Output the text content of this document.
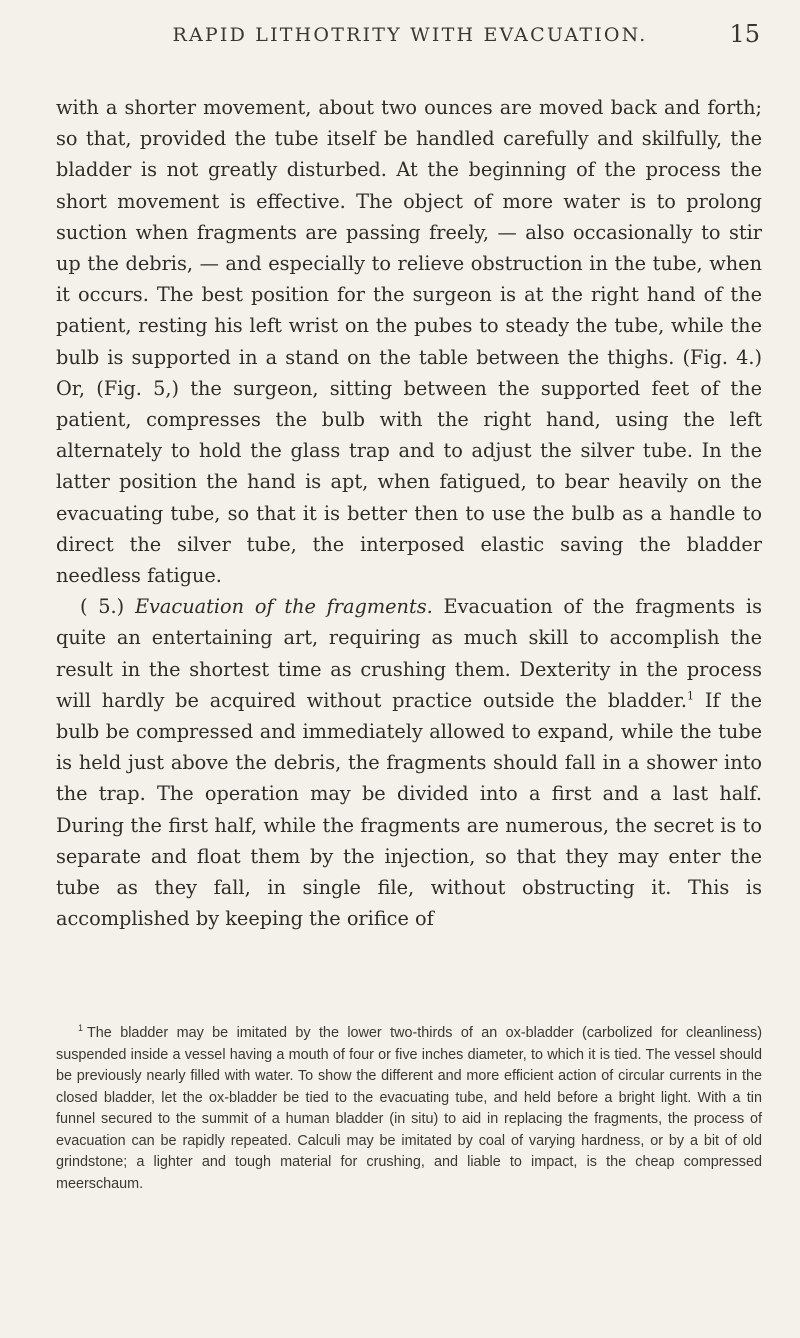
RAPID LITHOTRITY WITH EVACUATION.	15

with a shorter movement, about two ounces are moved back and forth; so that, provided the tube itself be handled carefully and skilfully, the bladder is not greatly disturbed. At the beginning of the process the short movement is effective. The object of more water is to prolong suction when fragments are passing freely, — also occasionally to stir up the debris, — and especially to relieve obstruction in the tube, when it occurs. The best position for the surgeon is at the right hand of the patient, resting his left wrist on the pubes to steady the tube, while the bulb is supported in a stand on the table between the thighs. (Fig. 4.) Or, (Fig. 5,) the surgeon, sitting between the supported feet of the patient, compresses the bulb with the right hand, using the left alternately to hold the glass trap and to adjust the silver tube. In the latter position the hand is apt, when fatigued, to bear heavily on the evacuating tube, so that it is better then to use the bulb as a handle to direct the silver tube, the interposed elastic saving the bladder needless fatigue.

( 5.) Evacuation of the fragments. Evacuation of the fragments is quite an entertaining art, requiring as much skill to accomplish the result in the shortest time as crushing them. Dexterity in the process will hardly be acquired without practice outside the bladder.$^1$ If the bulb be compressed and immediately allowed to expand, while the tube is held just above the debris, the fragments should fall in a shower into the trap. The operation may be divided into a first and a last half. During the first half, while the fragments are numerous, the secret is to separate and float them by the injection, so that they may enter the tube as they fall, in single file, without obstructing it. This is accomplished by keeping the orifice of

$^1$ The bladder may be imitated by the lower two-thirds of an ox-bladder (carbolized for cleanliness) suspended inside a vessel having a mouth of four or five inches diameter, to which it is tied. The vessel should be previously nearly filled with water. To show the different and more efficient action of circular currents in the closed bladder, let the ox-bladder be tied to the evacuating tube, and held before a bright light. With a tin funnel secured to the summit of a human bladder (in situ) to aid in replacing the fragments, the process of evacuation can be rapidly repeated. Calculi may be imitated by coal of varying hardness, or by a bit of old grindstone; a lighter and tough material for crushing, and liable to impact, is the cheap compressed meerschaum.
